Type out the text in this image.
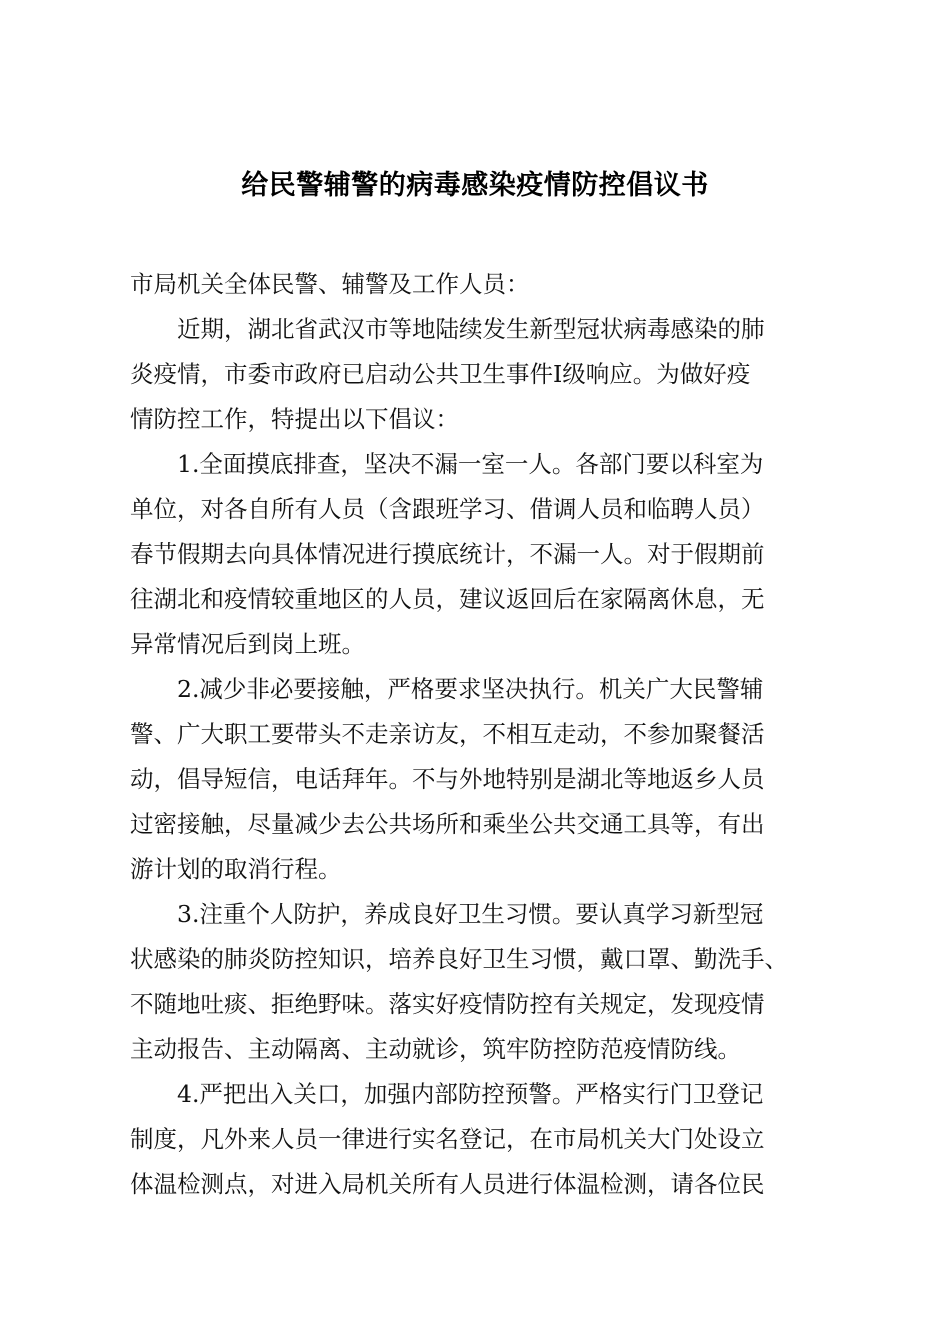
给民警辅警的病毒感染疫情防控倡议书
市局机关全体民警、辅警及工作人员：
近期，湖北省武汉市等地陆续发生新型冠状病毒感染的肺
炎疫情，市委市政府已启动公共卫生事件Ⅰ级响应。为做好疫
情防控工作，特提出以下倡议：
1.全面摸底排查，坚决不漏一室一人。各部门要以科室为
单位，对各自所有人员（含跟班学习、借调人员和临聘人员）
春节假期去向具体情况进行摸底统计，不漏一人。对于假期前
往湖北和疫情较重地区的人员，建议返回后在家隔离休息，无
异常情况后到岗上班。
2.减少非必要接触，严格要求坚决执行。机关广大民警辅
警、广大职工要带头不走亲访友，不相互走动，不参加聚餐活
动，倡导短信，电话拜年。不与外地特别是湖北等地返乡人员
过密接触，尽量减少去公共场所和乘坐公共交通工具等，有出
游计划的取消行程。
3.注重个人防护，养成良好卫生习惯。要认真学习新型冠
状感染的肺炎防控知识，培养良好卫生习惯，戴口罩、勤洗手、
不随地吐痰、拒绝野味。落实好疫情防控有关规定，发现疫情
主动报告、主动隔离、主动就诊，筑牢防控防范疫情防线。
4.严把出入关口，加强内部防控预警。严格实行门卫登记
制度，凡外来人员一律进行实名登记，在市局机关大门处设立
体温检测点，对进入局机关所有人员进行体温检测，请各位民
